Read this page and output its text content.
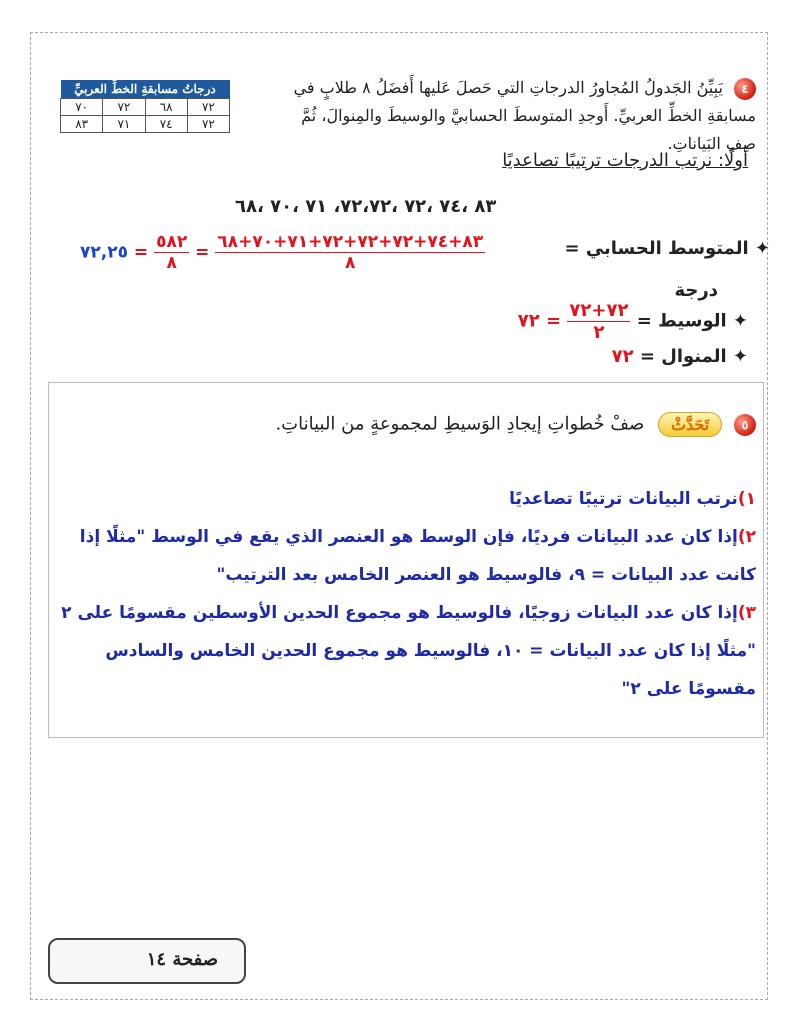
٤ يَبِيِّنُ الجَدولُ المُجاورُ الدرجاتِ التي حَصلَ عَليها أَفضَلُ ٨ طلابٍ في مسابقةِ الخطِّ العربيِّ. أَوجدِ المتوسطَ الحسابيَّ والوسيطَ والمِنوالَ، ثُمَّ صِفِ البَياناتِ.
درجاتُ مسابقةِ الخطِّ العربيِّ			
٧٢	٦٨	٧٢	٧٠
٧٢	٧٤	٧١	٨٣
أولًا: نرتب الدرجات ترتيبًا تصاعديًا
٨٣ ،٧٤ ،٧٢ ،٧٢،٧٢، ٧١ ،٧٠ ،٦٨
✦ المتوسط الحسابي =
٧٢,٢٥ = $\frac{٥٨٢}{٨} = \frac{٨٣+٧٤+٧٢+٧٢+٧٢+٧١+٧٠+٦٨}{٨}$
درجة
✦ الوسيط =
$\frac{٧٢+٧٢}{٢}$
= ٧٢
✦ المنوال = ٧٢
٥ تَحَدَّثْ صفْ خُطواتِ إيجادِ الوَسيطِ لمجموعةٍ من البياناتِ.
١)نرتب البيانات ترتيبًا تصاعديًا
٢)إذا كان عدد البيانات فرديًا، فإن الوسط هو العنصر الذي يقع في الوسط "مثلًا إذا كانت عدد البيانات = ٩، فالوسيط هو العنصر الخامس بعد الترتيب"
٣)إذا كان عدد البيانات زوجيًا، فالوسيط هو مجموع الحدين الأوسطين مقسومًا على ٢ "مثلًا إذا كان عدد البيانات = ١٠، فالوسيط هو مجموع الحدين الخامس والسادس مقسومًا على ٢"
صفحة ١٤
